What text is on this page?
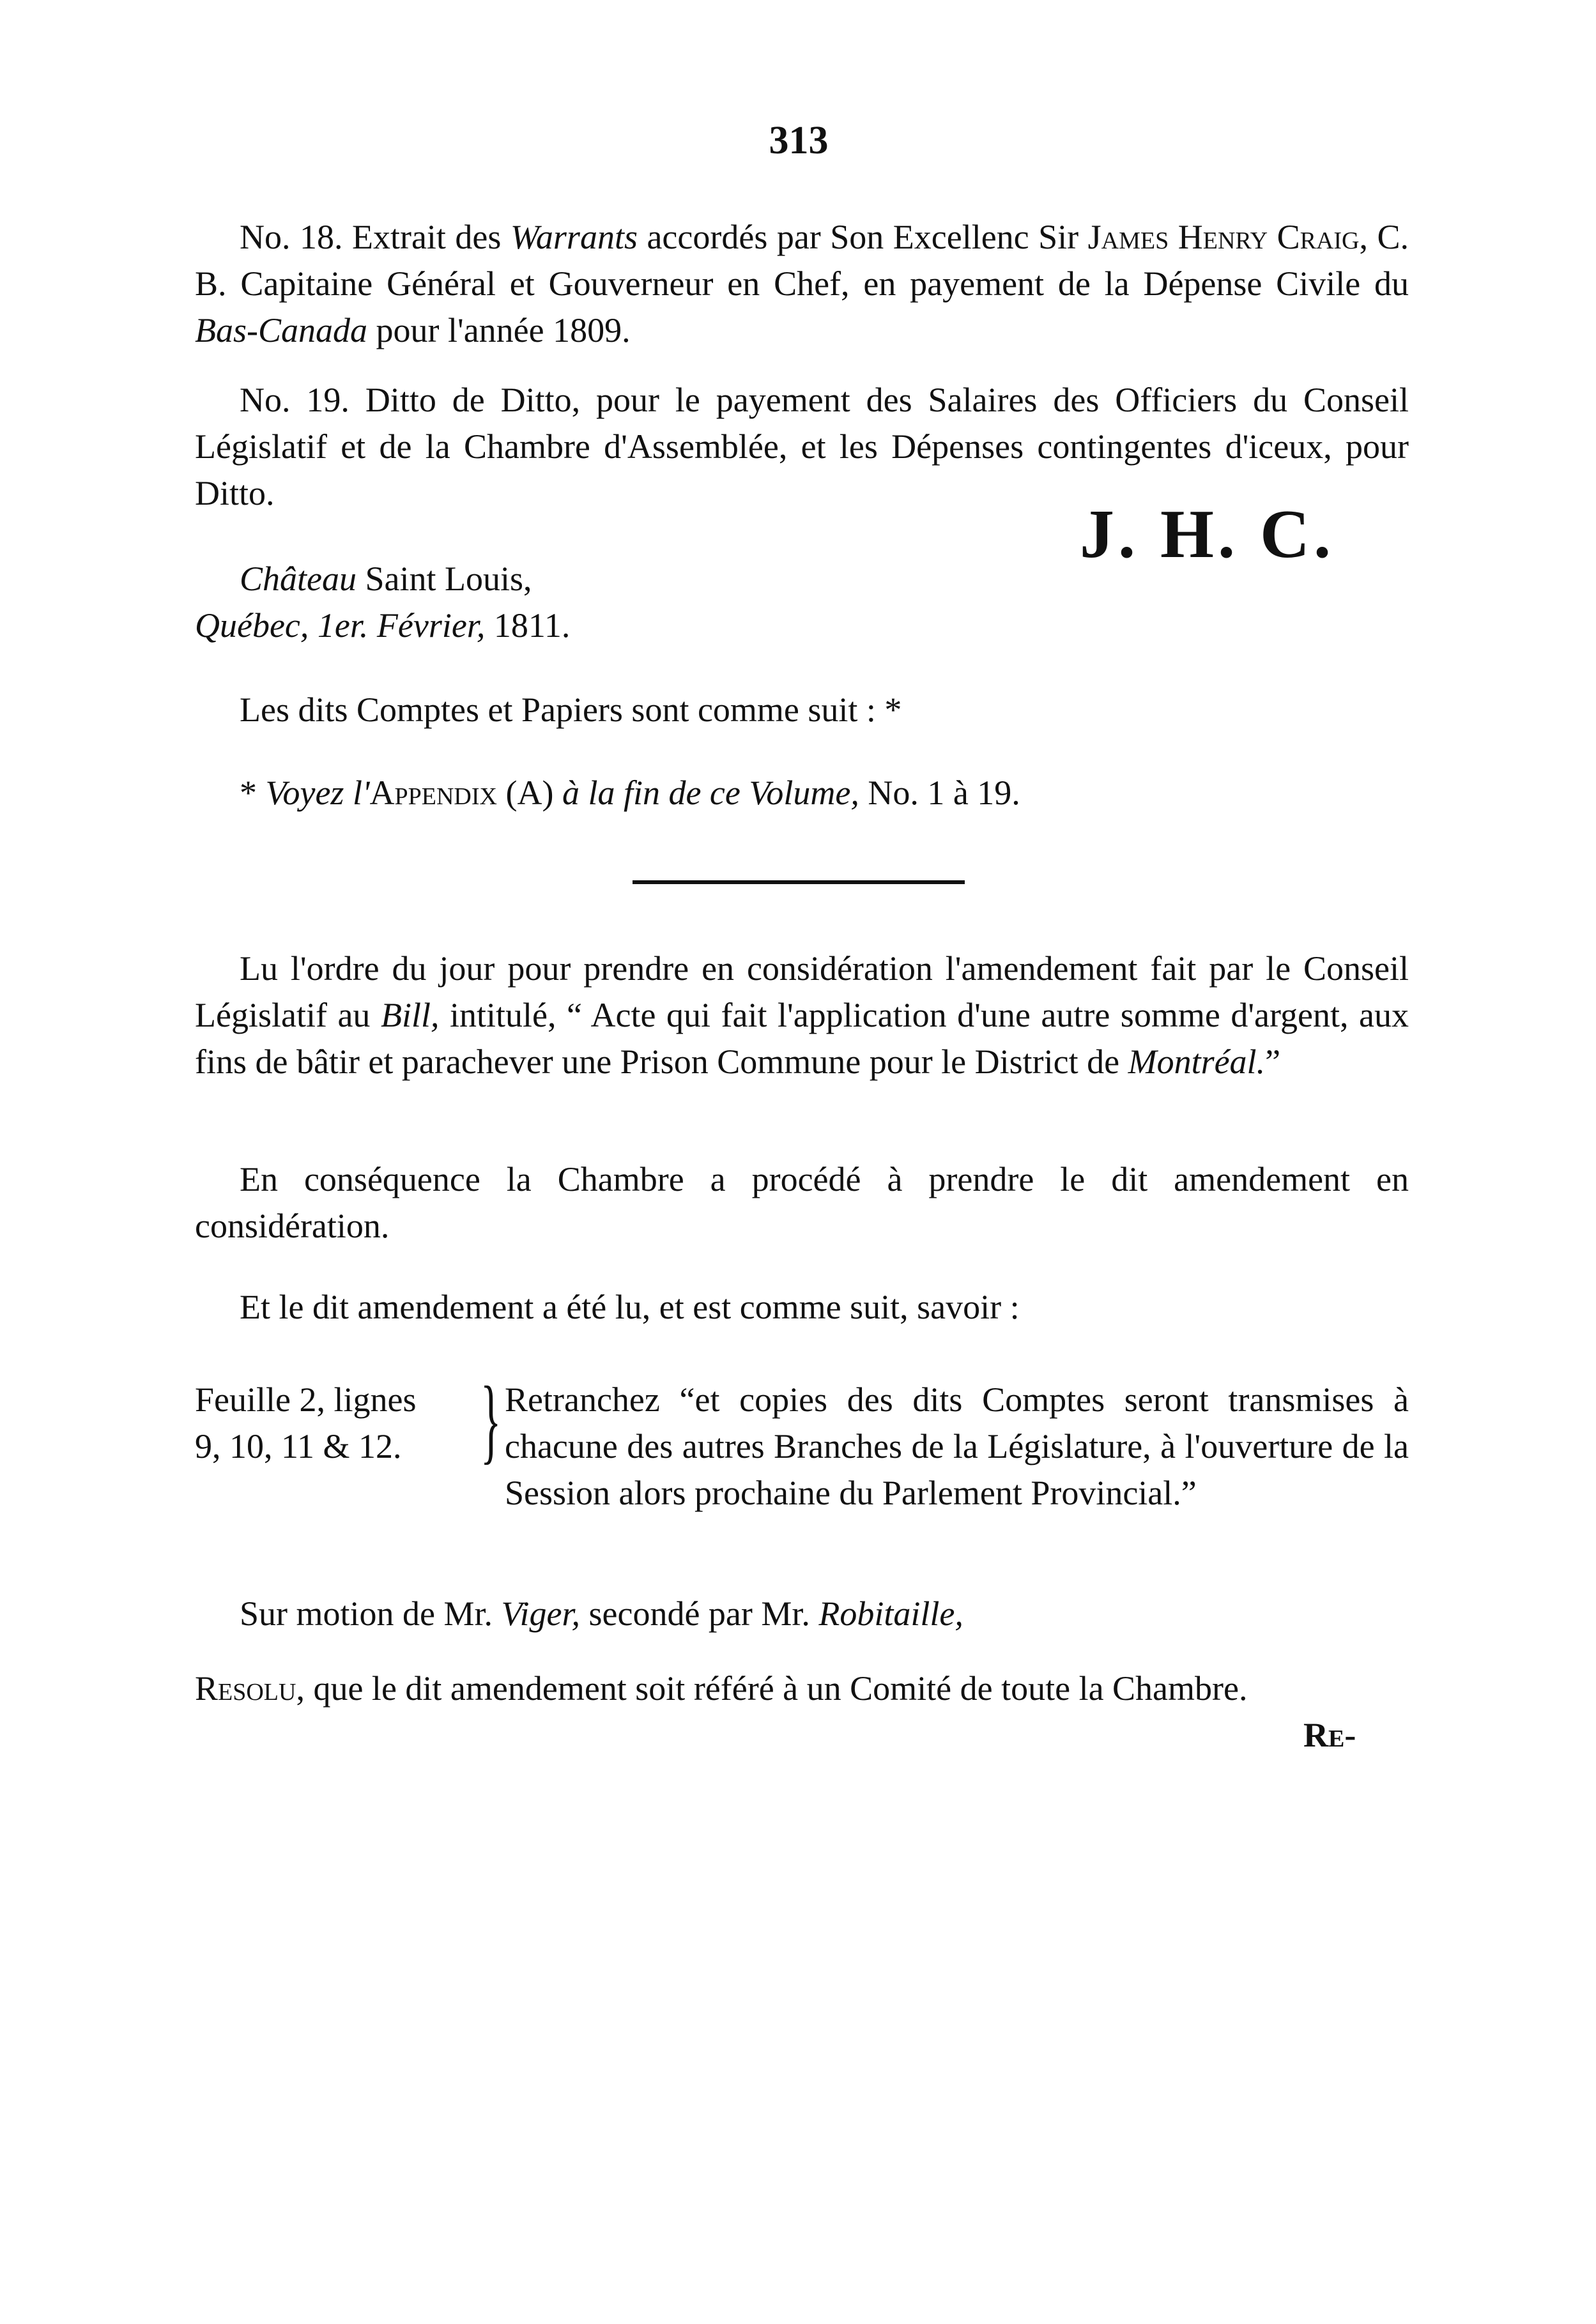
313

No. 18. Extrait des Warrants accordés par Son Excellenc Sir James Henry Craig, C. B. Capitaine Général et Gouverneur en Chef, en payement de la Dépense Civile du Bas-Canada pour l'année 1809.

No. 19. Ditto de Ditto, pour le payement des Salaires des Officiers du Conseil Législatif et de la Chambre d'Assemblée, et les Dépenses contingentes d'iceux, pour Ditto.

J. H. C.
Château Saint Louis,
Québec, 1er. Février, 1811.

Les dits Comptes et Papiers sont comme suit : *

* Voyez l'Appendix (A) à la fin de ce Volume, No. 1 à 19.

Lu l'ordre du jour pour prendre en considération l'amendement fait par le Conseil Législatif au Bill, intitulé, “ Acte qui fait l'application d'une autre somme d'argent, aux fins de bâtir et parachever une Prison Commune pour le District de Montréal.”

En conséquence la Chambre a procédé à prendre le dit amendement en considération.

Et le dit amendement a été lu, et est comme suit, savoir :

Feuille 2, lignes
9, 10, 11 & 12. } Retranchez “et copies des dits Comptes seront transmises à chacune des autres Branches de la Législature, à l'ouverture de la Session alors prochaine du Parlement Provincial.”

Sur motion de Mr. Viger, secondé par Mr. Robitaille,

Resolu, que le dit amendement soit référé à un Comité de toute la Chambre.

Re-
